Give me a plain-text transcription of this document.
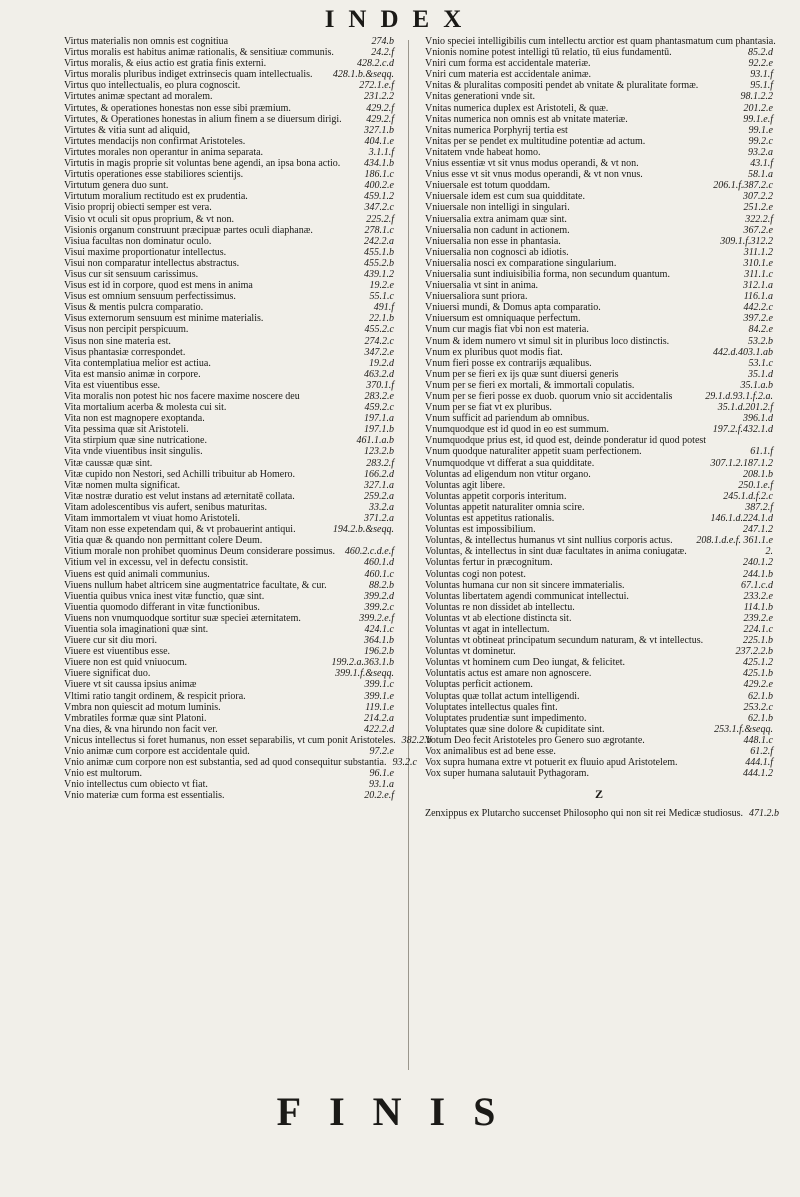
INDEX
Virtus materialis non omnis est cognitiua	274.b
Virtus moralis est habitus animæ rationalis, & sensitiuæ communis.	24.2.f
Virtus moralis, & eius actio est gratia finis externi.	428.2.c.d
Virtus moralis pluribus indiget extrinsecis quam intellectualis. 428.1.b.&seqq.
Virtus quo intellectualis, eo plura cognoscit.	272.1.e.f
Virtutes animæ spectant ad moralem.	231.2.2
Virtutes, & operationes honestas non esse sibi præmium.	429.2.f
Virtutes, & Operationes honestas in alium finem a se diuersum dirigi. 429.2.f
Virtutes & vitia sunt ad aliquid,	327.1.b
Virtutes mendacijs non confirmat Aristoteles.	404.1.e
Virtutes morales non operantur in anima separata.	3.1.1.f
Virtutis in magis proprie sit voluntas bene agendi, an ipsa bona actio. 434.1.b
Virtutis operationes esse stabiliores scientijs.	186.1.c
Virtutum genera duo sunt.	400.2.e
Virtutum moralium rectitudo est ex prudentia.	459.1.2
Visio proprij obiecti semper est vera.	347.2.c
Visio vt oculi sit opus proprium, & vt non.	225.2.f
Visionis organum construunt præcipuæ partes oculi diaphanæ.	278.1.c
Visiua facultas non dominatur oculo.	242.2.a
Visui maxime proportionatur intellectus.	455.1.b
Visui non comparatur intellectus abstractus.	455.2.b
Visus cur sit sensuum carissimus.	439.1.2
Visus est id in corpore, quod est mens in anima	19.2.e
Visus est omnium sensuum perfectissimus.	55.1.c
Visus & mentis pulcra comparatio.	491.f
Visus externorum sensuum est minime materialis.	22.1.b
Visus non percipit perspicuum.	455.2.c
Visus non sine materia est.	274.2.c
Visus phantasiæ correspondet.	347.2.e
Vita contemplatiua melior est actiua.	19.2.d
Vita est mansio animæ in corpore.	463.2.d
Vita est viuentibus esse.	370.1.f
Vita moralis non potest hic nos facere maxime noscere deu	283.2.e
Vita mortalium acerba & molesta cui sit.	459.2.c
Vita non est magnopere exoptanda.	197.1.a
Vita pessima quæ sit Aristoteli.	197.1.b
Vita stirpium quæ sine nutricatione.	461.1.a.b
Vita vnde viuentibus insit singulis.	123.2.b
Vitæ caussæ quæ sint.	283.2.f
Vitæ cupido non Nestori, sed Achilli tribuitur ab Homero.	166.2.d
Vitæ nomen multa significat.	327.1.a
Vitæ nostræ duratio est velut instans ad æternitatē collata.	259.2.a
Vitam adolescentibus vis aufert, senibus maturitas.	33.2.a
Vitam immortalem vt viuat homo Aristoteli.	371.2.a
Vitam non esse expetendam qui, & vt probauerint antiqui.	194.2.b.&seqq.
Vitia quæ & quando non permittant colere Deum.
Vitium morale non prohibet quominus Deum considerare possimus. 460.2.c.d.e.f
Vitium vel in excessu, vel in defectu consistit.	460.1.d
Viuens est quid animali communius.	460.1.c
Viuens nullum habet altricem sine augmentatrice facultate, & cur.	88.2.b
Viuentia quibus vnica inest vitæ functio, quæ sint.	399.2.d
Viuentia quomodo differant in vitæ functionibus.	399.2.c
Viuens non vnumquodque sortitur suæ speciei æternitatem.	399.2.e.f
Viuentia sola imaginationi quæ sint.	424.1.c
Viuere cur sit diu mori.	364.1.b
Viuere est viuentibus esse.	196.2.b
Viuere non est quid vniuocum.	199.2.a.363.1.b
Viuere significat duo.	399.1.f.&seqq.
Viuere vt sit caussa ipsius animæ	399.1.c
Vltimi ratio tangit ordinem, & respicit priora.	399.1.e
Vmbra non quiescit ad motum luminis.	119.1.e
Vmbratiles formæ quæ sint Platoni.	214.2.a
Vna dies, & vna hirundo non facit ver.	422.2.d
Vnicus intellectus si foret humanus, non esset separabilis, vt cum ponit Aristoteles. 382.2.b
Vnio animæ cum corpore est accidentale quid.	97.2.e
Vnio animæ cum corpore non est substantia, sed ad quod consequitur substantia. 93.2.c
Vnio est multorum.	96.1.e
Vnio intellectus cum obiecto vt fiat.	93.1.a
Vnio materiæ cum forma est essentialis.	20.2.e.f
Vnio speciei intelligibilis cum intellectu arctior est quam phantasmatum cum phantasia.
Vnionis nomine potest intelligi tū relatio, tū eius fundamentū.	85.2.d
Vniri cum forma est accidentale materiæ.	92.2.e
Vniri cum materia est accidentale animæ.	93.1.f
Vnitas & pluralitas compositi pendet ab vnitate & pluralitate formæ.	95.1.f
Vnitas generationi vnde sit.	98.1.2.2
Vnitas numerica duplex est Aristoteli, & quæ.	201.2.e
Vnitas numerica non omnis est ab vnitate materiæ.	99.1.e.f
Vnitas numerica Porphyrij tertia est	99.1.e
Vnitas per se pendet ex multitudine potentiæ ad actum.	99.2.c
Vnitatem vnde habeat homo.	93.2.a
Vnius essentiæ vt sit vnus modus operandi, & vt non.	43.1.f
Vnius esse vt sit vnus modus operandi, & vt non vnus.	58.1.a
Vniuersale est totum quoddam.	206.1.f.387.2.c
Vniuersale idem est cum sua quidditate.	307.2.2
Vniuersale non intelligi in singulari.	251.2.e
Vniuersalia extra animam quæ sint.	322.2.f
Vniuersalia non cadunt in actionem.	367.2.e
Vniuersalia non esse in phantasia.	309.1.f.312.2
Vniuersalia non cognosci ab idiotis.	311.1.2
Vniuersalia nosci ex comparatione singularium.	310.1.e
Vniuersalia sunt indiuisibilia forma, non secundum quantum.	311.1.c
Vniuersalia vt sint in anima.	312.1.a
Vniuersaliora sunt priora.	116.1.a
Vniuersi mundi, & Domus apta comparatio.	442.2.c
Vniuersum est omniquaque perfectum.	397.2.e
Vnum cur magis fiat vbi non est materia.	84.2.e
Vnum & idem numero vt simul sit in pluribus loco distinctis.	53.2.b
Vnum ex pluribus quot modis fiat.	442.d.403.1.ab
Vnum fieri posse ex contrarijs æqualibus.	53.1.c
Vnum per se fieri ex ijs quæ sunt diuersi generis	35.1.d
Vnum per se fieri ex mortali, & immortali copulatis.	35.1.a.b
Vnum per se fieri posse ex duob. quorum vnio sit accidentalis	29.1.d.93.1.f.2.a.
Vnum per se fiat vt ex pluribus.	35.1.d.201.2.f
Vnum sufficit ad pariendum ab omnibus.	396.1.d
Vnumquodque est id quod in eo est summum.	197.2.f.432.1.d
Vnumquodque prius est, id quod est, deinde ponderatur id quod potest
Vnum quodque naturaliter appetit suam perfectionem.	61.1.f
Vnumquodque vt differat a sua quidditate.	307.1.2.187.1.2
Voluntas ad eligendum non vtitur organo.	208.1.b
Voluntas agit libere.	250.1.e.f
Voluntas appetit corporis interitum.	245.1.d.f.2.c
Voluntas appetit naturaliter omnia scire.	387.2.f
Voluntas est appetitus rationalis.	146.1.d.224.1.d
Voluntas est impossibilium.	247.1.2
Voluntas, & intellectus humanus vt sint nullius corporis actus. 208.1.d.e.f. 361.1.e
Voluntas, & intellectus in sint duæ facultates in anima coniugatæ.	2.
Voluntas fertur in præcognitum.	240.1.2
Voluntas cogi non potest.	244.1.b
Voluntas humana cur non sit sincere immaterialis.	67.1.c.d
Voluntas libertatem agendi communicat intellectui.	233.2.e
Voluntas re non dissidet ab intellectu.	114.1.b
Voluntas vt ab electione distincta sit.	239.2.e
Voluntas vt agat in intellectum.	224.1.c
Voluntas vt obtineat principatum secundum naturam, & vt intellectus.	225.1.b
Voluntas vt dominetur.	237.2.2.b
Voluntas vt hominem cum Deo iungat, & felicitet.	425.1.2
Voluntatis actus est amare non agnoscere.	425.1.b
Voluptas perficit actionem.	429.2.e
Voluptas quæ tollat actum intelligendi.	62.1.b
Voluptates intellectus quales fint.	253.2.c
Voluptates prudentiæ sunt impedimento.	62.1.b
Voluptates quæ sine dolore & cupiditate sint.	253.1.f.&seqq.
Votum Deo fecit Aristoteles pro Genero suo ægrotante.	448.1.c
Vox animalibus est ad bene esse.	61.2.f
Vox supra humana extre vt potuerit ex fluuio apud Aristotelem.	444.1.f
Vox super humana salutauit Pythagoram.	444.1.2
Z
Zenxippus ex Plutarcho succenset Philosopho qui non sit rei Medicæ studiosus. 471.2.b
FINIS
